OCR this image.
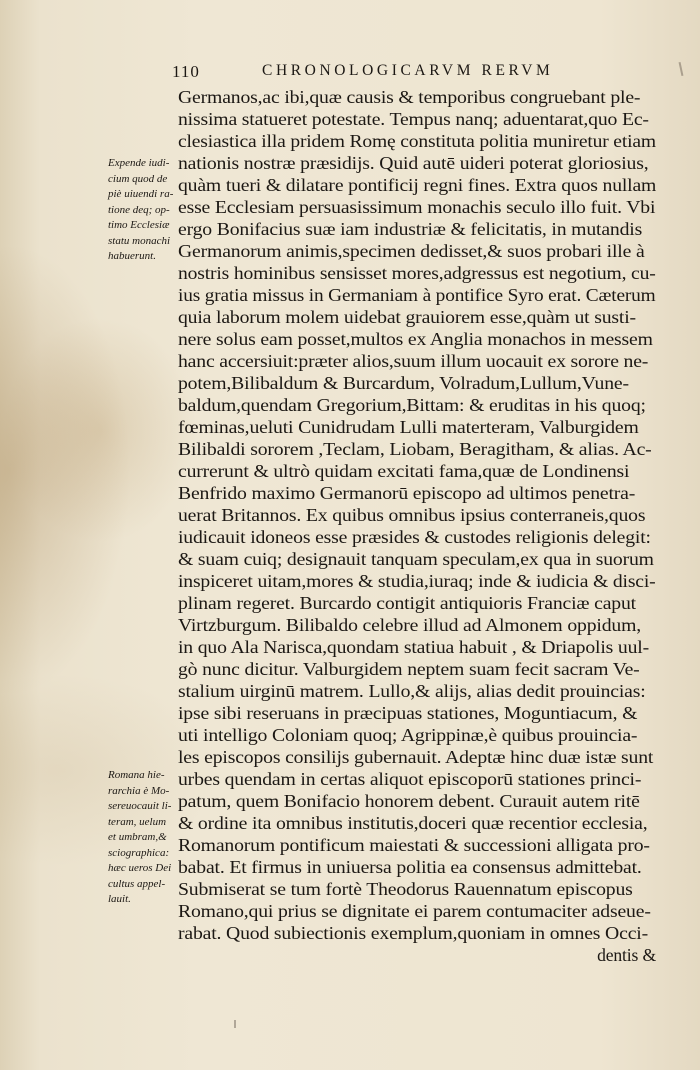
110	CHRONOLOGICARVM RERVM
Germanos,ac ibi,quæ causis & temporibus congruebant ple-
nissima statueret potestate. Tempus nanq; aduentarat,quo Ec-
clesiastica illa pridem Romę constituta politia muniretur etiam
nationis nostræ præsidijs. Quid autē uideri poterat gloriosius,
quàm tueri & dilatare pontificij regni fines. Extra quos nullam
esse Ecclesiam persuasissimum monachis seculo illo fuit. Vbi
ergo Bonifacius suæ iam industriæ & felicitatis, in mutandis
Germanorum animis,specimen dedisset,& suos probari ille à
nostris hominibus sensisset mores,adgressus est negotium, cu-
ius gratia missus in Germaniam à pontifice Syro erat. Cæterum
quia laborum molem uidebat grauiorem esse,quàm ut susti-
nere solus eam posset,multos ex Anglia monachos in messem
hanc accersiuit:præter alios,suum illum uocauit ex sorore ne-
potem,Bilibaldum & Burcardum, Volradum,Lullum,Vune-
baldum,quendam Gregorium,Bittam: & eruditas in his quoq;
fœminas,ueluti Cunidrudam Lulli materteram, Valburgidem
Bilibaldi sororem ,Teclam, Liobam, Beragitham, & alias. Ac-
currerunt & ultrò quidam excitati fama,quæ de Londinensi
Benfrido maximo Germanorū episcopo ad ultimos penetra-
uerat Britannos. Ex quibus omnibus ipsius conterraneis,quos
iudicauit idoneos esse præsides & custodes religionis delegit:
& suam cuiq; designauit tanquam speculam,ex qua in suorum
inspiceret uitam,mores & studia,iuraq; inde & iudicia & disci-
plinam regeret. Burcardo contigit antiquioris Franciæ caput
Virtzburgum. Bilibaldo celebre illud ad Almonem oppidum,
in quo Ala Narisca,quondam statiua habuit , & Driapolis uul-
gò nunc dicitur. Valburgidem neptem suam fecit sacram Ve-
stalium uirginū matrem. Lullo,& alijs, alias dedit prouincias:
ipse sibi reseruans in præcipuas stationes, Moguntiacum, &
uti intelligo Coloniam quoq; Agrippinæ,è quibus prouincia-
les episcopos consilijs gubernauit. Adeptæ hinc duæ istæ sunt
urbes quendam in certas aliquot episcoporū stationes princi-
patum, quem Bonifacio honorem debent. Curauit autem ritē
& ordine ita omnibus institutis,doceri quæ recentior ecclesia,
Romanorum pontificum maiestati & successioni alligata pro-
babat. Et firmus in uniuersa politia ea consensus admittebat.
Submiserat se tum fortè Theodorus Rauennatum episcopus
Romano,qui prius se dignitate ei parem contumaciter adseue-
rabat. Quod subiectionis exemplum,quoniam in omnes Occi-
dentis &
Expende iudi-
cium quod de
piè uiuendi ra-
tione deq; op-
timo Ecclesiæ
statu monachi
habuerunt.
Romana hie-
rarchia è Mo-
sereuocauit li-
teram, uelum
et umbram,&
sciographica:
hæc ueros Dei
cultus appel-
lauit.
